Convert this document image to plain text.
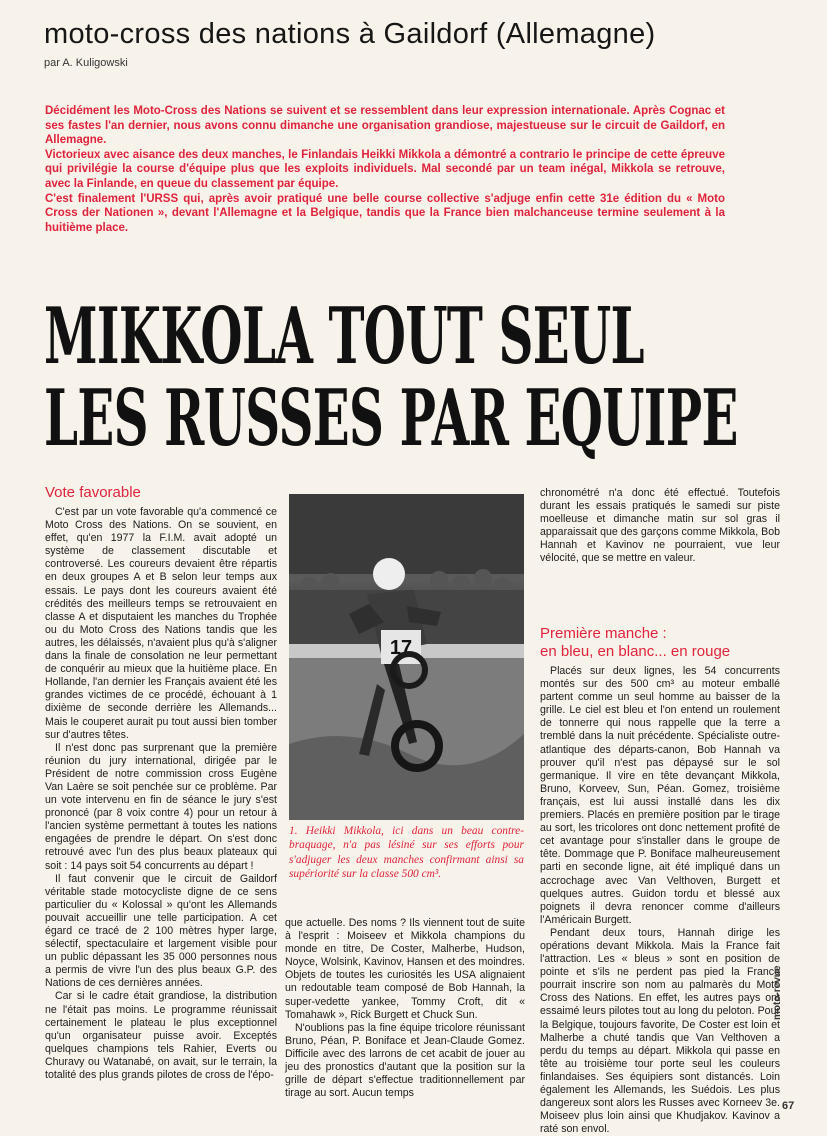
moto-cross des nations à Gaildorf (Allemagne)
par A. Kuligowski

Décidément les Moto-Cross des Nations se suivent et se ressemblent dans leur expression internationale. Après Cognac et ses fastes l'an dernier, nous avons connu dimanche une organisation grandiose, majestueuse sur le circuit de Gaildorf, en Allemagne.

Victorieux avec aisance des deux manches, le Finlandais Heikki Mikkola a démontré a contrario le principe de cette épreuve qui privilégie la course d'équipe plus que les exploits individuels. Mal secondé par un team inégal, Mikkola se retrouve, avec la Finlande, en queue du classement par équipe.

C'est finalement l'URSS qui, après avoir pratiqué une belle course collective s'adjuge enfin cette 31e édition du « Moto Cross der Nationen », devant l'Allemagne et la Belgique, tandis que la France bien malchanceuse termine seulement à la huitième place.

MIKKOLA TOUT SEUL
LES RUSSES PAR EQUIPE
Vote favorable

C'est par un vote favorable qu'a commencé ce Moto Cross des Nations. On se souvient, en effet, qu'en 1977 la F.I.M. avait adopté un système de classement discutable et controversé. Les coureurs devaient être répartis en deux groupes A et B selon leur temps aux essais. Le pays dont les coureurs avaient été crédités des meilleurs temps se retrouvaient en classe A et disputaient les manches du Trophée ou du Moto Cross des Nations tandis que les autres, les délaissés, n'avaient plus qu'à s'aligner dans la finale de consolation ne leur permettant de conquérir au mieux que la huitième place. En Hollande, l'an dernier les Français avaient été les grandes victimes de ce procédé, échouant à 1 dixième de seconde derrière les Allemands... Mais le couperet aurait pu tout aussi bien tomber sur d'autres têtes.

Il n'est donc pas surprenant que la première réunion du jury international, dirigée par le Président de notre commission cross Eugène Van Laère se soit penchée sur ce problème. Par un vote intervenu en fin de séance le jury s'est prononcé (par 8 voix contre 4) pour un retour à l'ancien système permettant à toutes les nations engagées de prendre le départ. On s'est donc retrouvé avec l'un des plus beaux plateaux qui soit : 14 pays soit 54 concurrents au départ !

Il faut convenir que le circuit de Gaildorf véritable stade motocycliste digne de ce sens particulier du « Kolossal » qu'ont les Allemands pouvait accueillir une telle participation. A cet égard ce tracé de 2 100 mètres hyper large, sélectif, spectaculaire et largement visible pour un public dépassant les 35 000 personnes nous a permis de vivre l'un des plus beaux G.P. des Nations de ces dernières années.

Car si le cadre était grandiose, la distribution ne l'était pas moins. Le programme réunissait certainement le plateau le plus exceptionnel qu'un organisateur puisse avoir. Exceptés quelques champions tels Rahier, Everts ou Churavy ou Watanabé, on avait, sur le terrain, la totalité des plus grands pilotes de cross de l'épo-

17
1. Heikki Mikkola, ici dans un beau contre-braquage, n'a pas lésiné sur ses efforts pour s'adjuger les deux manches confirmant ainsi sa supériorité sur la classe 500 cm³.

que actuelle. Des noms ? Ils viennent tout de suite à l'esprit : Moiseev et Mikkola champions du monde en titre, De Coster, Malherbe, Hudson, Noyce, Wolsink, Kavinov, Hansen et des moindres. Objets de toutes les curiosités les USA alignaient un redoutable team composé de Bob Hannah, la super-vedette yankee, Tommy Croft, dit « Tomahawk », Rick Burgett et Chuck Sun.

N'oublions pas la fine équipe tricolore réunissant Bruno, Péan, P. Boniface et Jean-Claude Gomez. Difficile avec des larrons de cet acabit de jouer au jeu des pronostics d'autant que la position sur la grille de départ s'effectue traditionnellement par tirage au sort. Aucun temps

chronométré n'a donc été effectué. Toutefois durant les essais pratiqués le samedi sur piste moelleuse et dimanche matin sur sol gras il apparaissait que des garçons comme Mikkola, Bob Hannah et Kavinov ne pourraient, vue leur vélocité, que se mettre en valeur.

Première manche :
en bleu, en blanc... en rouge

Placés sur deux lignes, les 54 concurrents montés sur des 500 cm³ au moteur emballé partent comme un seul homme au baisser de la grille. Le ciel est bleu et l'on entend un roulement de tonnerre qui nous rappelle que la terre a tremblé dans la nuit précédente. Spécialiste outre-atlantique des départs-canon, Bob Hannah va prouver qu'il n'est pas dépaysé sur le sol germanique. Il vire en tête devançant Mikkola, Bruno, Korveev, Sun, Péan. Gomez, troisième français, est lui aussi installé dans les dix premiers. Placés en première position par le tirage au sort, les tricolores ont donc nettement profité de cet avantage pour s'installer dans le groupe de tête. Dommage que P. Boniface malheureusement parti en seconde ligne, ait été impliqué dans un accrochage avec Van Velthoven, Burgett et quelques autres. Guidon tordu et blessé aux poignets il devra renoncer comme d'ailleurs l'Américain Burgett.

Pendant deux tours, Hannah dirige les opérations devant Mikkola. Mais la France fait l'attraction. Les « bleus » sont en position de pointe et s'ils ne perdent pas pied la France pourrait inscrire son nom au palmarès du Moto Cross des Nations. En effet, les autres pays ont essaimé leurs pilotes tout au long du peloton. Pour la Belgique, toujours favorite, De Coster est loin et Malherbe a chuté tandis que Van Velthoven a perdu du temps au départ. Mikkola qui passe en tête au troisième tour porte seul les couleurs finlandaises. Ses équipiers sont distancés. Loin également les Allemands, les Suédois. Les plus dangereux sont alors les Russes avec Korneev 3e. Moiseev plus loin ainsi que Khudjakov. Kavinov a raté son envol.

moto-revue
67
